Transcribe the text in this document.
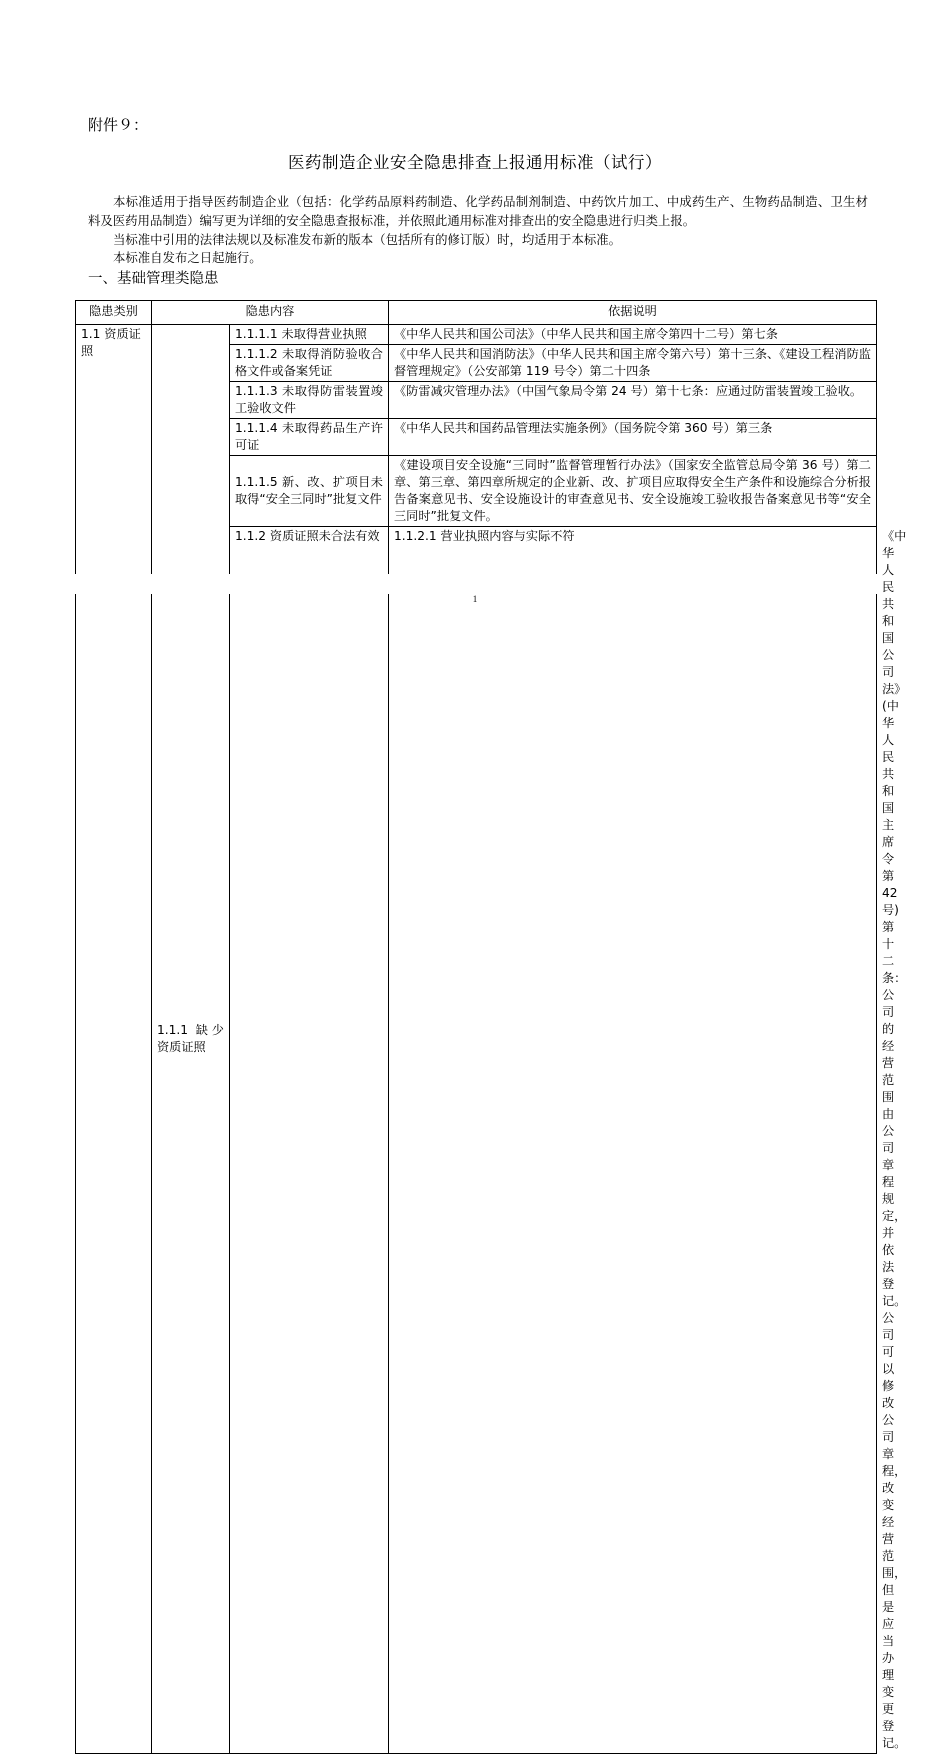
附件９：
医药制造企业安全隐患排查上报通用标准（试行）
本标准适用于指导医药制造企业（包括：化学药品原料药制造、化学药品制剂制造、中药饮片加工、中成药生产、生物药品制造、卫生材料及医药用品制造）编写更为详细的安全隐患查报标准，并依照此通用标准对排查出的安全隐患进行归类上报。
当标准中引用的法律法规以及标准发布新的版本（包括所有的修订版）时，均适用于本标准。
本标准自发布之日起施行。
一、基础管理类隐患
隐患类别	隐患内容		依据说明	
1.1 资质证照	1.1.1 缺少资质证照	1.1.1.1 未取得营业执照	《中华人民共和国公司法》（中华人民共和国主席令第四十二号）第七条	
		1.1.1.2 未取得消防验收合格文件或备案凭证	《中华人民共和国消防法》（中华人民共和国主席令第六号）第十三条、《建设工程消防监督管理规定》（公安部第 119 号令）第二十四条	
		1.1.1.3 未取得防雷装置竣工验收文件	《防雷减灾管理办法》（中国气象局令第 24 号）第十七条：应通过防雷装置竣工验收。	
		1.1.1.4 未取得药品生产许可证	《中华人民共和国药品管理法实施条例》（国务院令第 360 号）第三条	
		1.1.1.5 新、改、扩项目未取得“安全三同时”批复文件	《建设项目安全设施“三同时”监督管理暂行办法》（国家安全监管总局令第 36 号）第二章、第三章、第四章所规定的企业新、改、扩项目应取得安全生产条件和设施综合分析报告备案意见书、安全设施设计的审查意见书、安全设施竣工验收报告备案意见书等“安全三同时”批复文件。	
		1.1.2 资质证照未合法有效	1.1.2.1 营业执照内容与实际不符	《中华人民共和国公司法》(中华人民共和国主席令第 42 号)第十二条：公司的经营范围由公司章程规定，并依法登记。公司可以修改公司章程，改变经营范围，但是应当办理变更登记。
1
